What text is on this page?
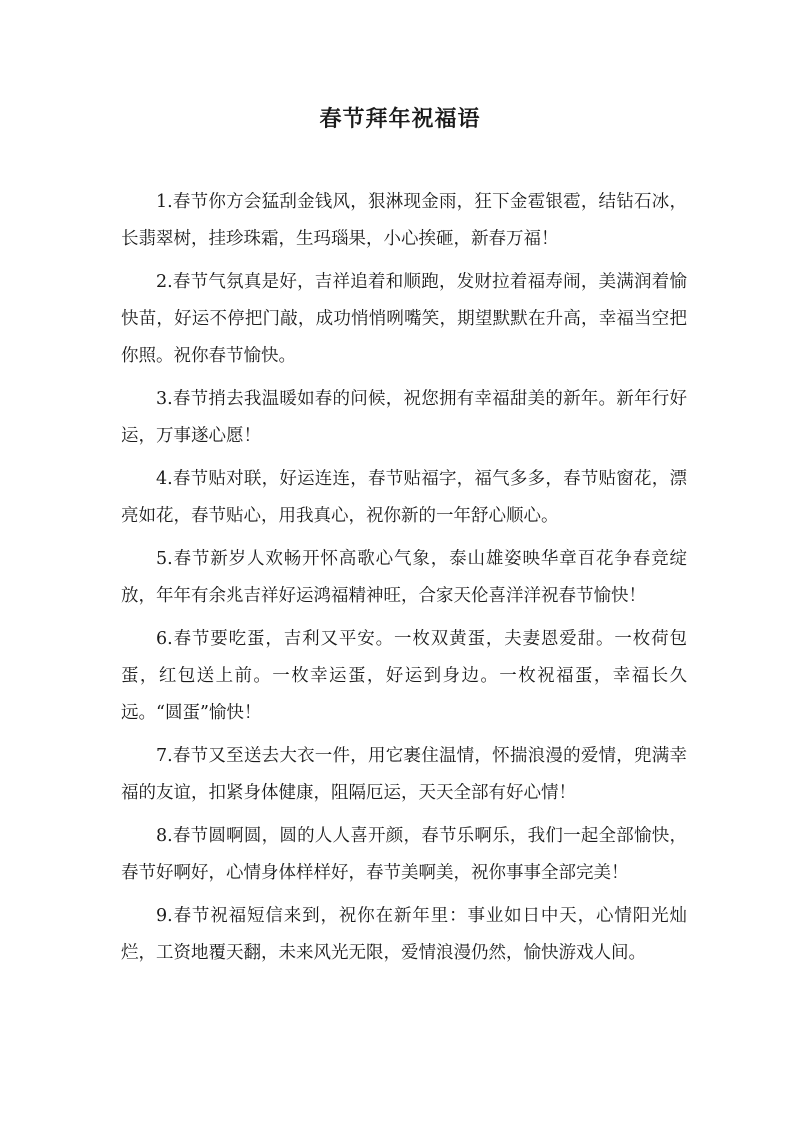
春节拜年祝福语

1.春节你方会猛刮金钱风，狠淋现金雨，狂下金雹银雹，结钻石冰，长翡翠树，挂珍珠霜，生玛瑙果，小心挨砸，新春万福！

2.春节气氛真是好，吉祥追着和顺跑，发财拉着福寿闹，美满润着愉快苗，好运不停把门敲，成功悄悄咧嘴笑，期望默默在升高，幸福当空把你照。祝你春节愉快。

3.春节捎去我温暖如春的问候，祝您拥有幸福甜美的新年。新年行好运，万事遂心愿！

4.春节贴对联，好运连连，春节贴福字，福气多多，春节贴窗花，漂亮如花，春节贴心，用我真心，祝你新的一年舒心顺心。

5.春节新岁人欢畅开怀高歌心气象，泰山雄姿映华章百花争春竞绽放，年年有余兆吉祥好运鸿福精神旺，合家天伦喜洋洋祝春节愉快！

6.春节要吃蛋，吉利又平安。一枚双黄蛋，夫妻恩爱甜。一枚荷包蛋，红包送上前。一枚幸运蛋，好运到身边。一枚祝福蛋，幸福长久远。“圆蛋”愉快！

7.春节又至送去大衣一件，用它裹住温情，怀揣浪漫的爱情，兜满幸福的友谊，扣紧身体健康，阻隔厄运，天天全部有好心情！

8.春节圆啊圆，圆的人人喜开颜，春节乐啊乐，我们一起全部愉快，春节好啊好，心情身体样样好，春节美啊美，祝你事事全部完美！

9.春节祝福短信来到，祝你在新年里：事业如日中天，心情阳光灿烂，工资地覆天翻，未来风光无限，爱情浪漫仍然，愉快游戏人间。
